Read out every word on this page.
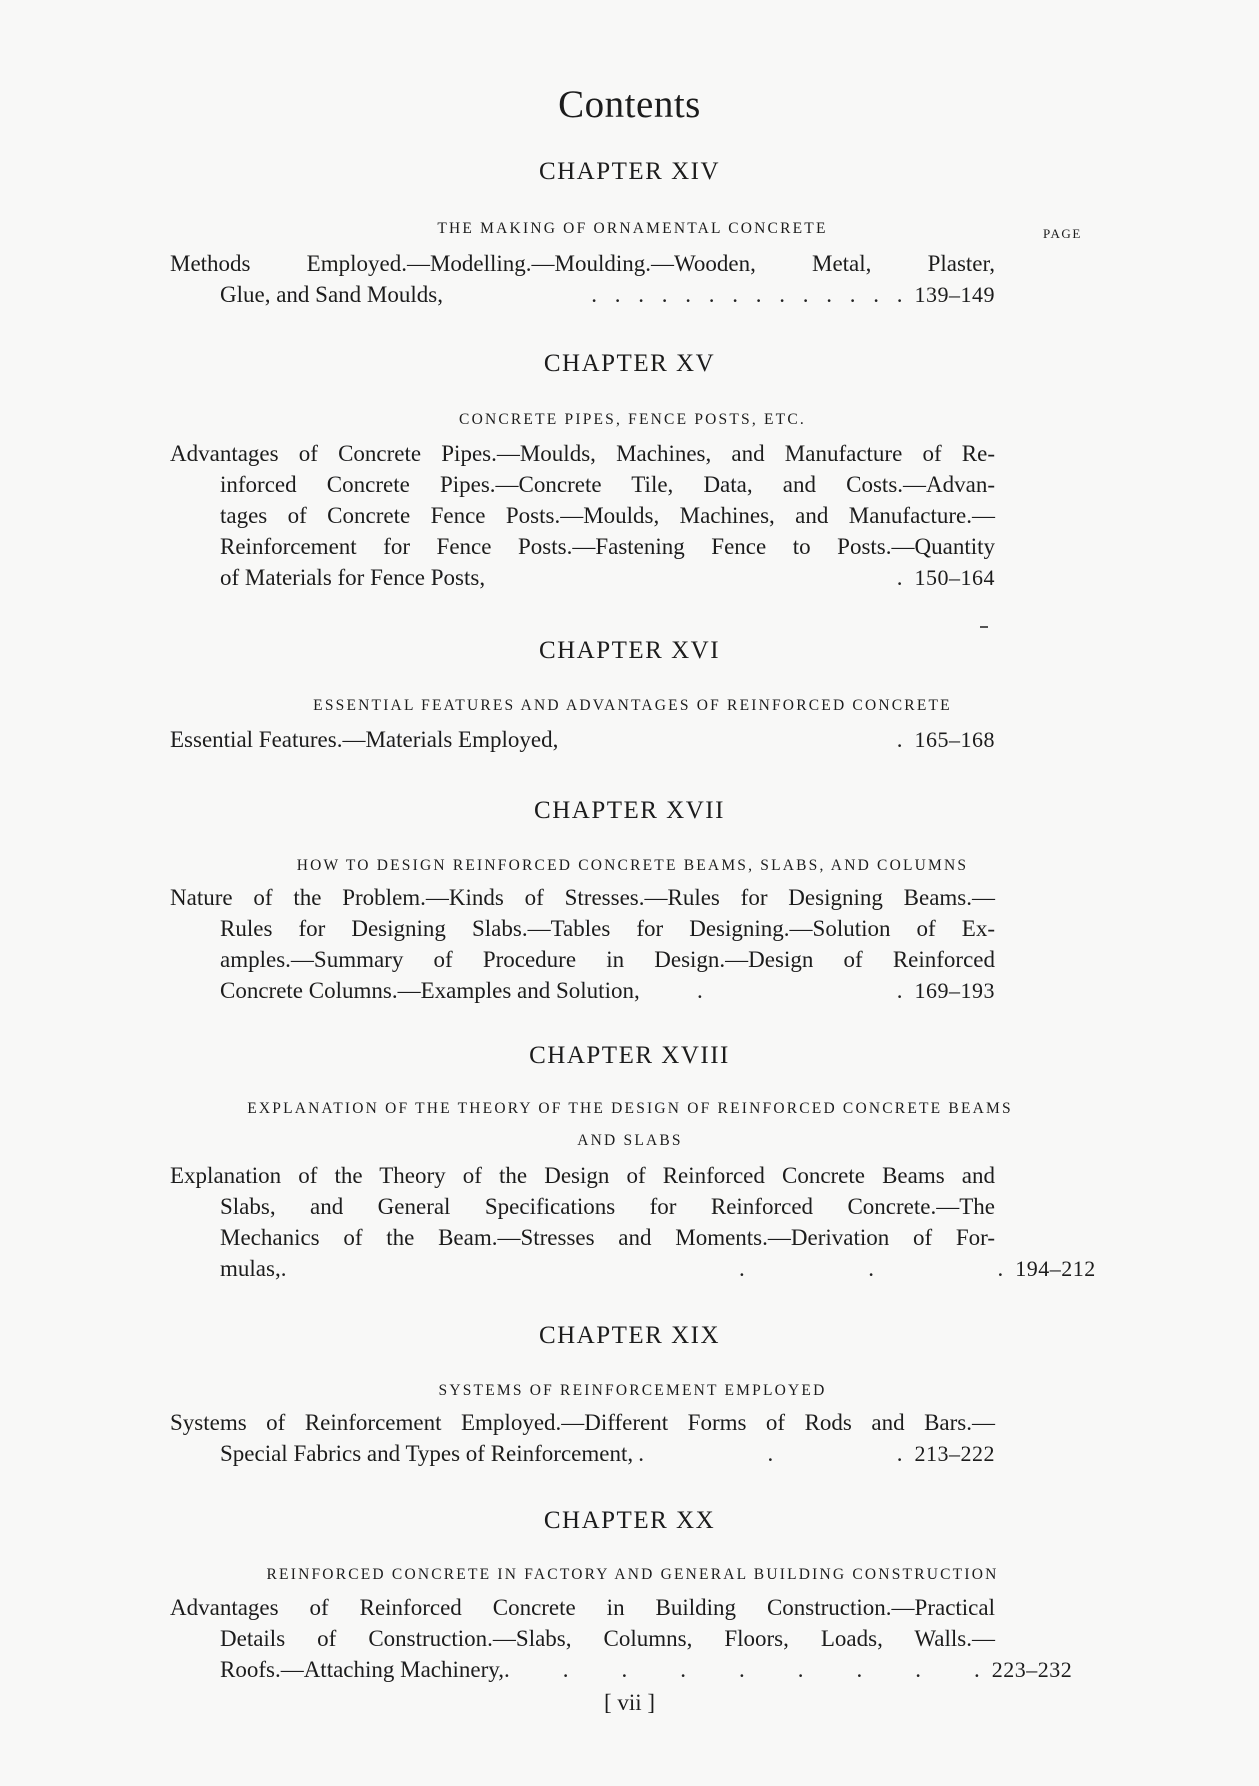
Contents
CHAPTER XIV
THE MAKING OF ORNAMENTAL CONCRETE	PAGE
Methods Employed.—Modelling.—Moulding.—Wooden, Metal, Plaster,
Glue, and Sand Moulds,	. . . . . . . . . . . . . . 139–149
CHAPTER XV
CONCRETE PIPES, FENCE POSTS, ETC.
Advantages of Concrete Pipes.—Moulds, Machines, and Manufacture of Re-
inforced Concrete Pipes.—Concrete Tile, Data, and Costs.—Advan-
tages of Concrete Fence Posts.—Moulds, Machines, and Manufacture.—
Reinforcement for Fence Posts.—Fastening Fence to Posts.—Quantity
of Materials for Fence Posts,	. 150–164
CHAPTER XVI
ESSENTIAL FEATURES AND ADVANTAGES OF REINFORCED CONCRETE
Essential Features.—Materials Employed,	. 165–168
CHAPTER XVII
HOW TO DESIGN REINFORCED CONCRETE BEAMS, SLABS, AND COLUMNS
Nature of the Problem.—Kinds of Stresses.—Rules for Designing Beams.—
Rules for Designing Slabs.—Tables for Designing.—Solution of Ex-
amples.—Summary of Procedure in Design.—Design of Reinforced
Concrete Columns.—Examples and Solution,	.                . 169–193
CHAPTER XVIII
EXPLANATION OF THE THEORY OF THE DESIGN OF REINFORCED CONCRETE BEAMS
AND SLABS
Explanation of the Theory of the Design of Reinforced Concrete Beams and
Slabs, and General Specifications for Reinforced Concrete.—The
Mechanics of the Beam.—Stresses and Moments.—Derivation of For-
mulas, .                                      .          .          . 194–212
CHAPTER XIX
SYSTEMS OF REINFORCEMENT EMPLOYED
Systems of Reinforcement Employed.—Different Forms of Rods and Bars.—
Special Fabrics and Types of Reinforcement, .          .          . 213–222
CHAPTER XX
REINFORCED CONCRETE IN FACTORY AND GENERAL BUILDING CONSTRUCTION
Advantages of Reinforced Concrete in Building Construction.—Practical
Details of Construction.—Slabs, Columns, Floors, Loads, Walls.—
Roofs.—Attaching Machinery, .    .    .    .    .    .    .    .    . 223–232
[ vii ]
